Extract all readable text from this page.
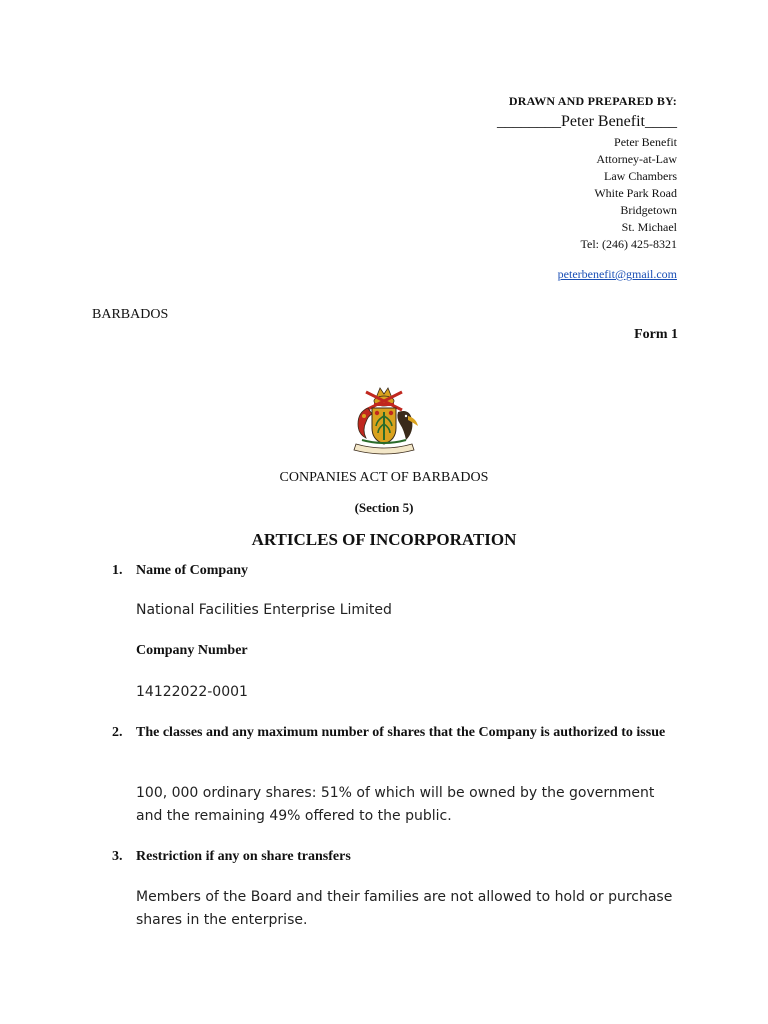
DRAWN AND PREPARED BY:
________Peter Benefit____
Peter Benefit
Attorney-at-Law
Law Chambers
White Park Road
Bridgetown
St. Michael
Tel: (246) 425-8321
peterbenefit@gmail.com
BARBADOS
Form 1
CONPANIES ACT OF BARBADOS
(Section 5)
ARTICLES OF INCORPORATION
1. Name of Company
National Facilities Enterprise Limited
Company Number
14122022-0001
2. The classes and any maximum number of shares that the Company is authorized to issue
100, 000 ordinary shares: 51% of which will be owned by the government and the remaining 49% offered to the public.
3. Restriction if any on share transfers
Members of the Board and their families are not allowed to hold or purchase shares in the enterprise.
